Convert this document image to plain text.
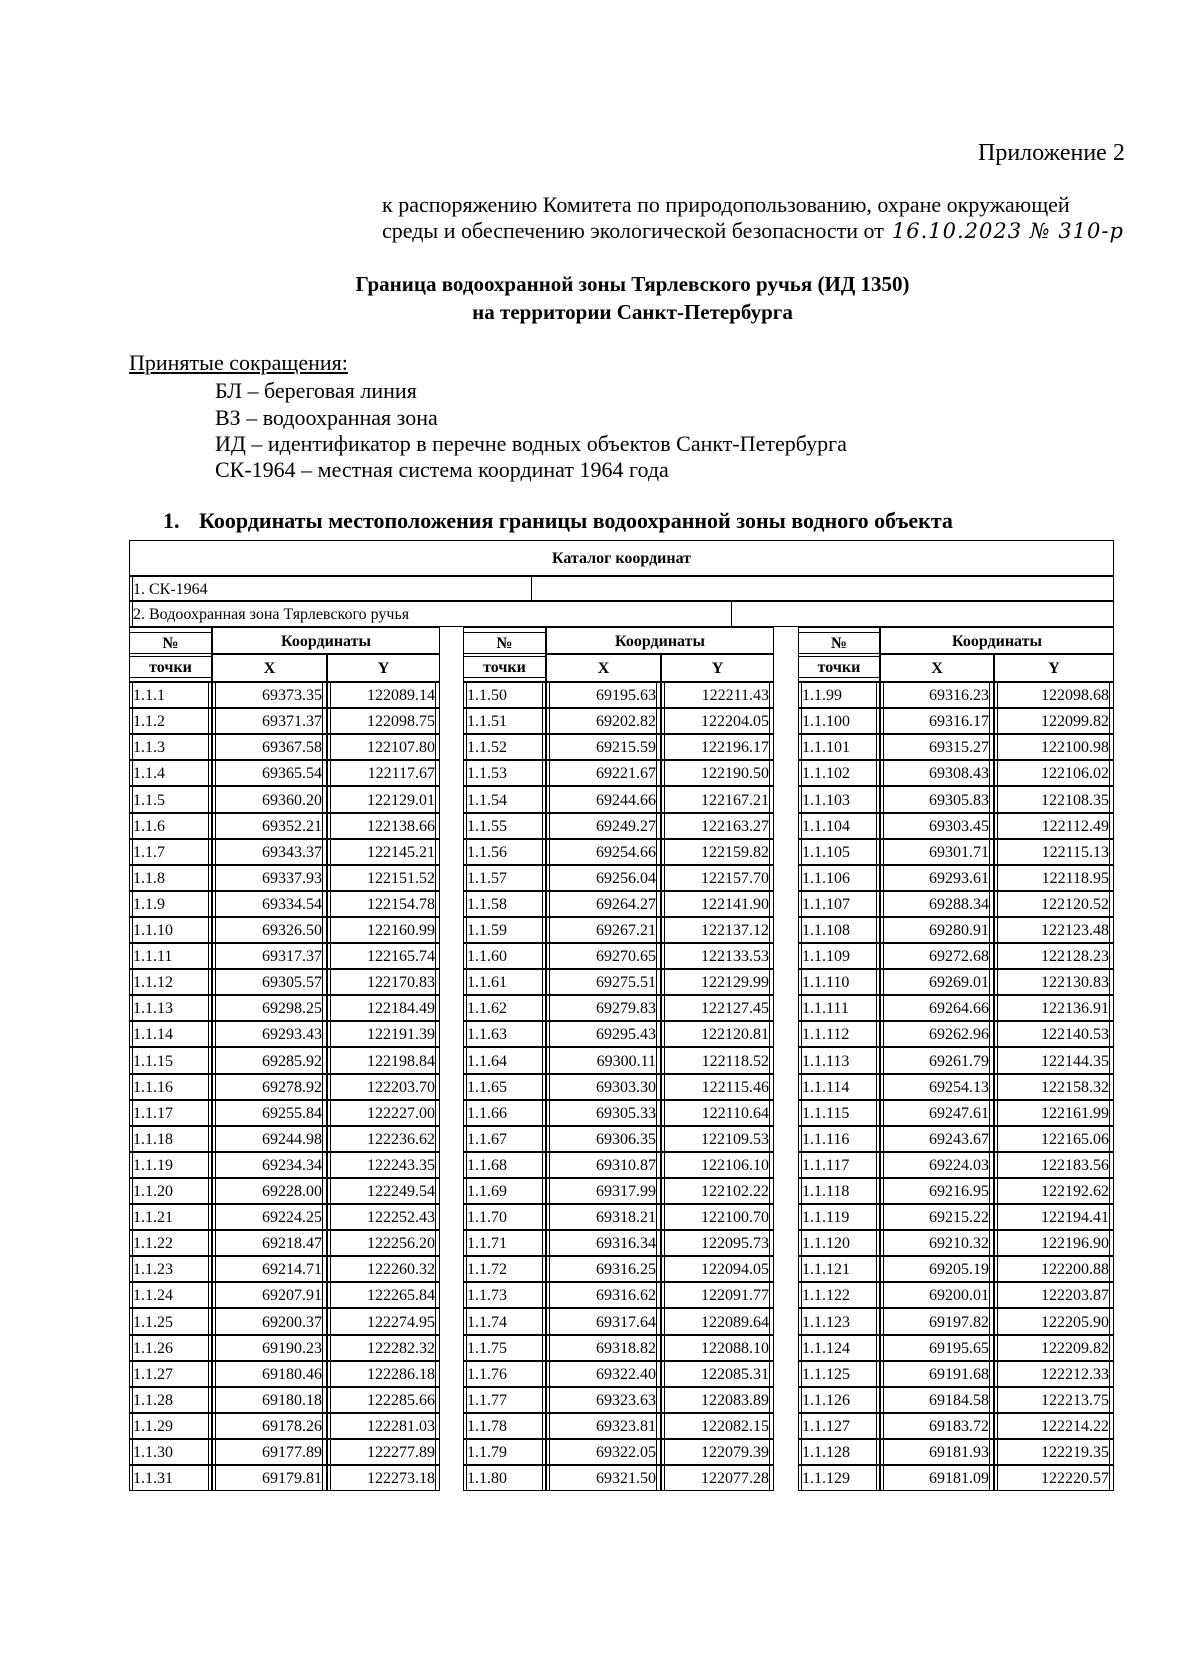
Приложение 2
к распоряжению Комитета по природопользованию, охране окружающей
среды и обеспечению экологической безопасности от 16.10.2023 № 310-р
Граница водоохранной зоны Тярлевского ручья (ИД 1350)
на территории Санкт-Петербурга
Принятые сокращения:
БЛ – береговая линия
ВЗ – водоохранная зона
ИД – идентификатор в перечне водных объектов Санкт-Петербурга
СК-1964 – местная система координат 1964 года
1. Координаты местоположения границы водоохранной зоны водного объекта
Каталог координат
1. СК-1964
2. Водоохранная зона Тярлевского ручья
№
точки
Координаты
X	Y
1.1.1	69373.35	122089.14
1.1.2	69371.37	122098.75
1.1.3	69367.58	122107.80
1.1.4	69365.54	122117.67
1.1.5	69360.20	122129.01
1.1.6	69352.21	122138.66
1.1.7	69343.37	122145.21
1.1.8	69337.93	122151.52
1.1.9	69334.54	122154.78
1.1.10	69326.50	122160.99
1.1.11	69317.37	122165.74
1.1.12	69305.57	122170.83
1.1.13	69298.25	122184.49
1.1.14	69293.43	122191.39
1.1.15	69285.92	122198.84
1.1.16	69278.92	122203.70
1.1.17	69255.84	122227.00
1.1.18	69244.98	122236.62
1.1.19	69234.34	122243.35
1.1.20	69228.00	122249.54
1.1.21	69224.25	122252.43
1.1.22	69218.47	122256.20
1.1.23	69214.71	122260.32
1.1.24	69207.91	122265.84
1.1.25	69200.37	122274.95
1.1.26	69190.23	122282.32
1.1.27	69180.46	122286.18
1.1.28	69180.18	122285.66
1.1.29	69178.26	122281.03
1.1.30	69177.89	122277.89
1.1.31	69179.81	122273.18
№
точки
Координаты
X	Y
1.1.50	69195.63	122211.43
1.1.51	69202.82	122204.05
1.1.52	69215.59	122196.17
1.1.53	69221.67	122190.50
1.1.54	69244.66	122167.21
1.1.55	69249.27	122163.27
1.1.56	69254.66	122159.82
1.1.57	69256.04	122157.70
1.1.58	69264.27	122141.90
1.1.59	69267.21	122137.12
1.1.60	69270.65	122133.53
1.1.61	69275.51	122129.99
1.1.62	69279.83	122127.45
1.1.63	69295.43	122120.81
1.1.64	69300.11	122118.52
1.1.65	69303.30	122115.46
1.1.66	69305.33	122110.64
1.1.67	69306.35	122109.53
1.1.68	69310.87	122106.10
1.1.69	69317.99	122102.22
1.1.70	69318.21	122100.70
1.1.71	69316.34	122095.73
1.1.72	69316.25	122094.05
1.1.73	69316.62	122091.77
1.1.74	69317.64	122089.64
1.1.75	69318.82	122088.10
1.1.76	69322.40	122085.31
1.1.77	69323.63	122083.89
1.1.78	69323.81	122082.15
1.1.79	69322.05	122079.39
1.1.80	69321.50	122077.28
№
точки
Координаты
X	Y
1.1.99	69316.23	122098.68
1.1.100	69316.17	122099.82
1.1.101	69315.27	122100.98
1.1.102	69308.43	122106.02
1.1.103	69305.83	122108.35
1.1.104	69303.45	122112.49
1.1.105	69301.71	122115.13
1.1.106	69293.61	122118.95
1.1.107	69288.34	122120.52
1.1.108	69280.91	122123.48
1.1.109	69272.68	122128.23
1.1.110	69269.01	122130.83
1.1.111	69264.66	122136.91
1.1.112	69262.96	122140.53
1.1.113	69261.79	122144.35
1.1.114	69254.13	122158.32
1.1.115	69247.61	122161.99
1.1.116	69243.67	122165.06
1.1.117	69224.03	122183.56
1.1.118	69216.95	122192.62
1.1.119	69215.22	122194.41
1.1.120	69210.32	122196.90
1.1.121	69205.19	122200.88
1.1.122	69200.01	122203.87
1.1.123	69197.82	122205.90
1.1.124	69195.65	122209.82
1.1.125	69191.68	122212.33
1.1.126	69184.58	122213.75
1.1.127	69183.72	122214.22
1.1.128	69181.93	122219.35
1.1.129	69181.09	122220.57
